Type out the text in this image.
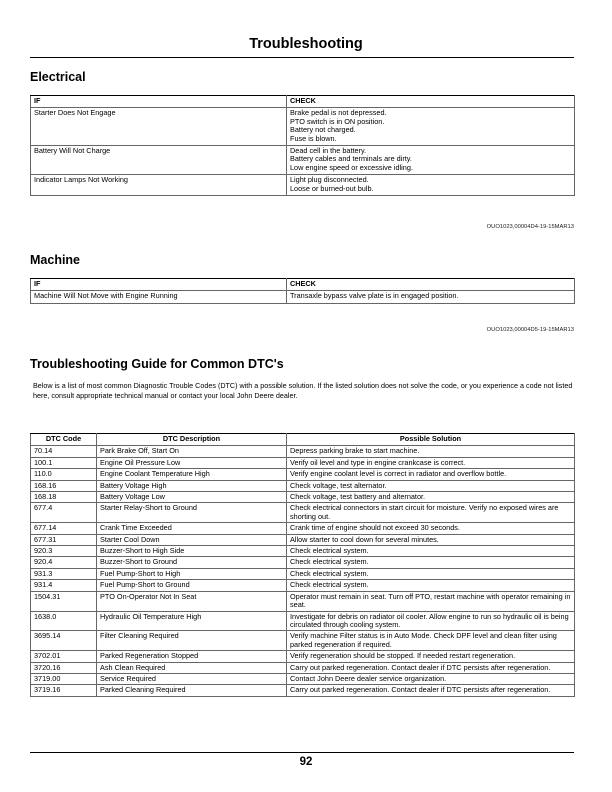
Troubleshooting
Electrical
IF	CHECK
Starter Does Not Engage	Brake pedal is not depressed.
PTO switch is in ON position.
Battery not charged.
Fuse is blown.

Battery Will Not Charge	Dead cell in the battery.
Battery cables and terminals are dirty.
Low engine speed or excessive idling.

Indicator Lamps Not Working	Light plug disconnected.
Loose or burned-out bulb.
OUO1023,00004D4-19-15MAR13
Machine
IF	CHECK
Machine Will Not Move with Engine Running	Transaxle bypass valve plate is in engaged position.
OUO1023,00004D5-19-15MAR13
Troubleshooting Guide for Common DTC's
Below is a list of most common Diagnostic Trouble Codes (DTC) with a possible solution. If the listed solution does not solve the code, or you experience a code not listed here, consult appropriate technical manual or contact your local John Deere dealer.
DTC Code	DTC Description	Possible Solution
70.14	Park Brake Off, Start On	Depress parking brake to start machine.
100.1	Engine Oil Pressure Low	Verify oil level and type in engine crankcase is correct.
110.0	Engine Coolant Temperature High	Verify engine coolant level is correct in radiator and overflow bottle.
168.16	Battery Voltage High	Check voltage, test alternator.
168.18	Battery Voltage Low	Check voltage, test battery and alternator.
677.4	Starter Relay-Short to Ground	Check electrical connectors in start circuit for moisture. Verify no exposed wires are shorting out.
677.14	Crank Time Exceeded	Crank time of engine should not exceed 30 seconds.
677.31	Starter Cool Down	Allow starter to cool down for several minutes.
920.3	Buzzer-Short to High Side	Check electrical system.
920.4	Buzzer-Short to Ground	Check electrical system.
931.3	Fuel Pump-Short to High	Check electrical system.
931.4	Fuel Pump-Short to Ground	Check electrical system.
1504.31	PTO On-Operator Not In Seat	Operator must remain in seat. Turn off PTO, restart machine with operator remaining in seat.
1638.0	Hydraulic Oil Temperature High	Investigate for debris on radiator oil cooler. Allow engine to run so hydraulic oil is being circulated through cooling system.
3695.14	Filter Cleaning Required	Verify machine Filter status is in Auto Mode. Check DPF level and clean filter using parked regeneration if required.
3702.01	Parked Regeneration Stopped	Verify regeneration should be stopped. If needed restart regeneration.
3720.16	Ash Clean Required	Carry out parked regeneration. Contact dealer if DTC persists after regeneration.
3719.00	Service Required	Contact John Deere dealer service organization.
3719.16	Parked Cleaning Required	Carry out parked regeneration. Contact dealer if DTC persists after regeneration.
92
